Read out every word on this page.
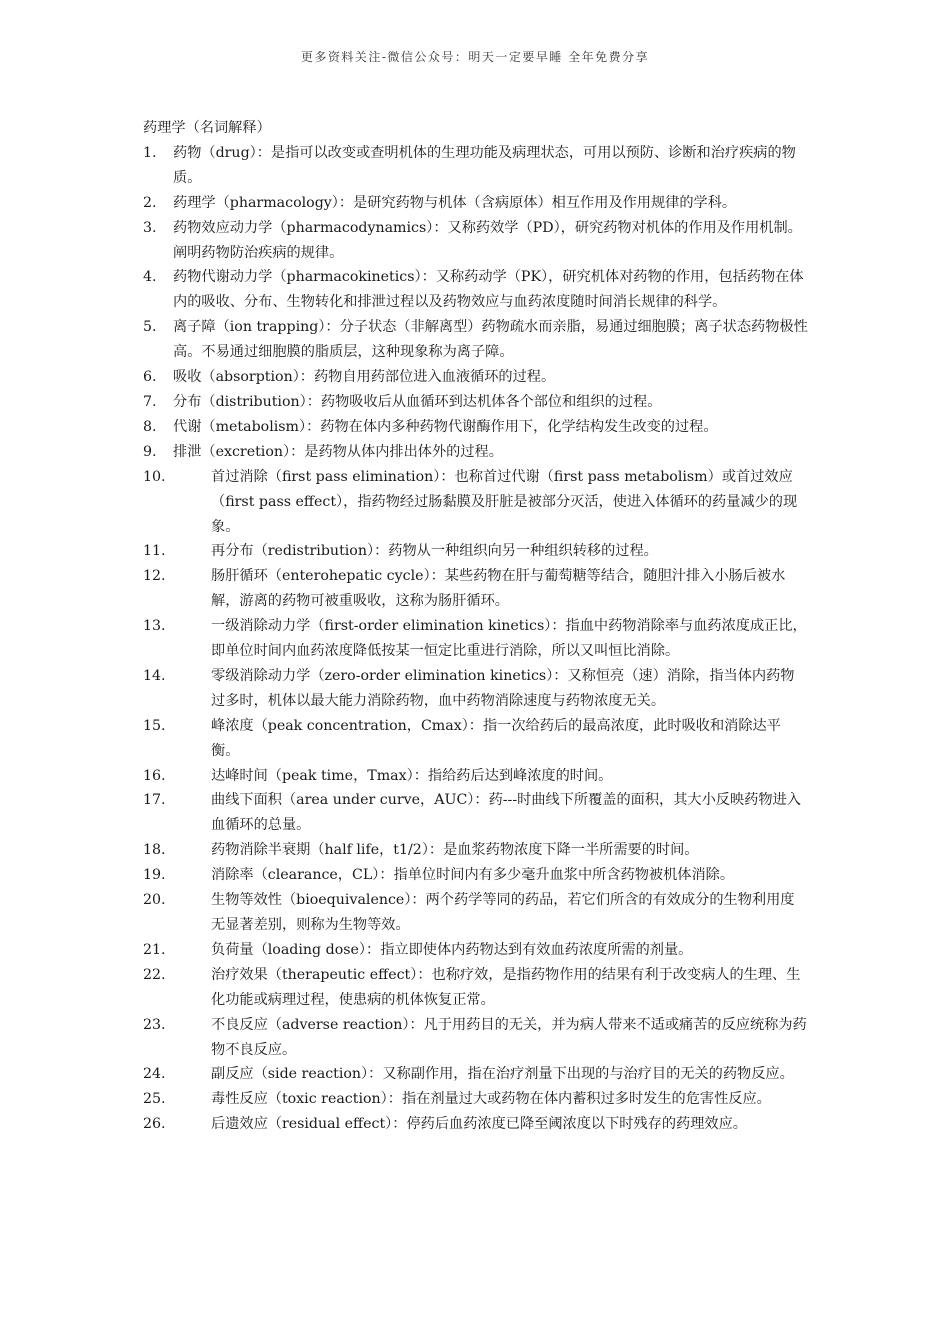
更多资料关注-微信公众号：明天一定要早睡 全年免费分享

药理学（名词解释）

1. 药物（drug）：是指可以改变或查明机体的生理功能及病理状态，可用以预防、诊断和治疗疾病的物质。
2. 药理学（pharmacology）：是研究药物与机体（含病原体）相互作用及作用规律的学科。
3. 药物效应动力学（pharmacodynamics）：又称药效学（PD），研究药物对机体的作用及作用机制。阐明药物防治疾病的规律。
4. 药物代谢动力学（pharmacokinetics）：又称药动学（PK），研究机体对药物的作用，包括药物在体内的吸收、分布、生物转化和排泄过程以及药物效应与血药浓度随时间消长规律的科学。
5. 离子障（ion trapping）：分子状态（非解离型）药物疏水而亲脂，易通过细胞膜；离子状态药物极性高。不易通过细胞膜的脂质层，这种现象称为离子障。
6. 吸收（absorption）：药物自用药部位进入血液循环的过程。
7. 分布（distribution）：药物吸收后从血循环到达机体各个部位和组织的过程。
8. 代谢（metabolism）：药物在体内多种药物代谢酶作用下，化学结构发生改变的过程。
9. 排泄（excretion）：是药物从体内排出体外的过程。
10.	首过消除（first pass elimination）：也称首过代谢（first pass metabolism）或首过效应（first pass effect），指药物经过肠黏膜及肝脏是被部分灭活，使进入体循环的药量减少的现象。
11.	再分布（redistribution）：药物从一种组织向另一种组织转移的过程。
12.	肠肝循环（enterohepatic cycle）：某些药物在肝与葡萄糖等结合，随胆汁排入小肠后被水解，游离的药物可被重吸收，这称为肠肝循环。
13.	一级消除动力学（first-order elimination kinetics）：指血中药物消除率与血药浓度成正比，即单位时间内血药浓度降低按某一恒定比重进行消除，所以又叫恒比消除。
14.	零级消除动力学（zero-order elimination kinetics）：又称恒亮（速）消除，指当体内药物过多时，机体以最大能力消除药物，血中药物消除速度与药物浓度无关。
15.	峰浓度（peak concentration，Cmax）：指一次给药后的最高浓度，此时吸收和消除达平衡。
16.	达峰时间（peak time，Tmax）：指给药后达到峰浓度的时间。
17.	曲线下面积（area under curve，AUC）：药---时曲线下所覆盖的面积，其大小反映药物进入血循环的总量。
18.	药物消除半衰期（half life，t1/2）：是血浆药物浓度下降一半所需要的时间。
19.	消除率（clearance，CL）：指单位时间内有多少毫升血浆中所含药物被机体消除。
20.	生物等效性（bioequivalence）：两个药学等同的药品，若它们所含的有效成分的生物利用度无显著差别，则称为生物等效。
21.	负荷量（loading dose）：指立即使体内药物达到有效血药浓度所需的剂量。
22.	治疗效果（therapeutic effect）：也称疗效，是指药物作用的结果有利于改变病人的生理、生化功能或病理过程，使患病的机体恢复正常。
23.	不良反应（adverse reaction）：凡于用药目的无关，并为病人带来不适或痛苦的反应统称为药物不良反应。
24.	副反应（side reaction）：又称副作用，指在治疗剂量下出现的与治疗目的无关的药物反应。
25.	毒性反应（toxic reaction）：指在剂量过大或药物在体内蓄积过多时发生的危害性反应。
26.	后遗效应（residual effect）：停药后血药浓度已降至阈浓度以下时残存的药理效应。
